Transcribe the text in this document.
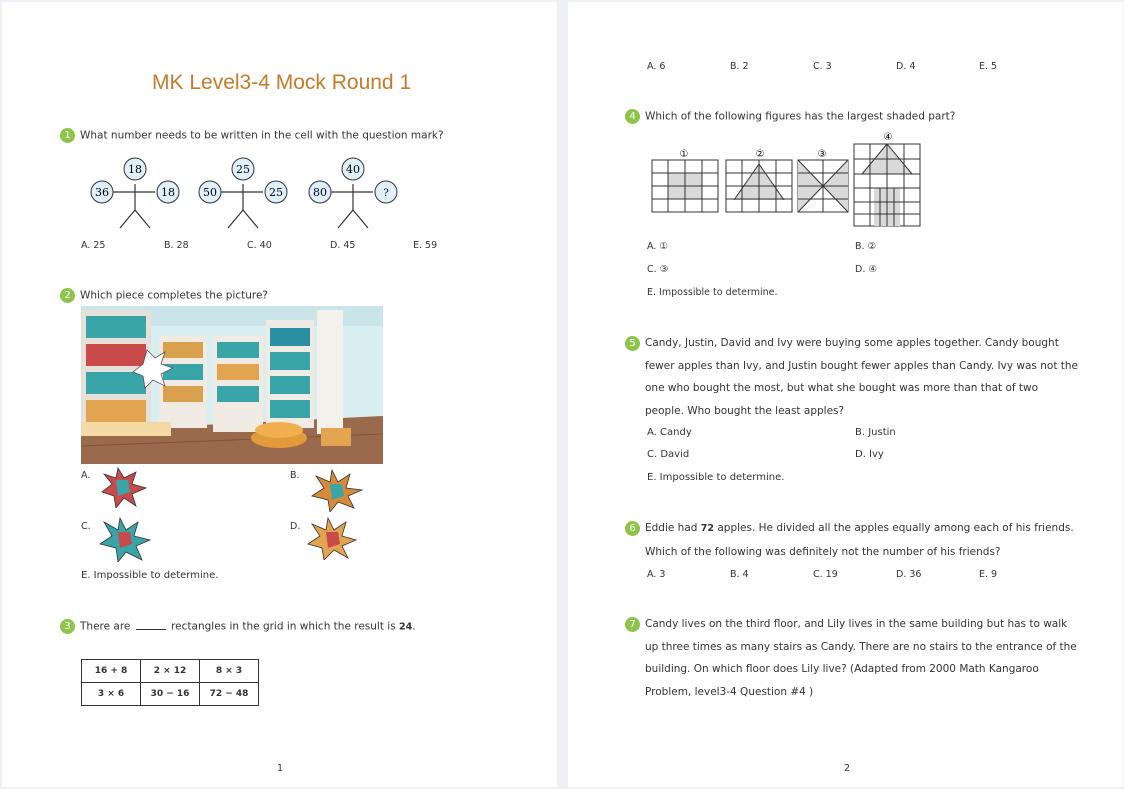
MK Level3-4 Mock Round 1
1 What number needs to be written in the cell with the question mark?
18
36	18
25
50	25
40
80	?
A. 25	B. 28	C. 40	D. 45	E. 59
2 Which piece completes the picture?
A.	B.
C.	D.
E. Impossible to determine.
3 There are	rectangles in the grid in which the result is 24.
16 + 8	2 × 12	8 × 3
3 × 6	30 − 16	72 − 48
1
A. 6	B. 2	C. 3	D. 4	E. 5
4 Which of the following figures has the largest shaded part?
①	②	③
④
A. ①	B. ②
C. ③	D. ④
E. Impossible to determine.
5 Candy, Justin, David and Ivy were buying some apples together. Candy bought
fewer apples than Ivy, and Justin bought fewer apples than Candy. Ivy was not the
one who bought the most, but what she bought was more than that of two
people. Who bought the least apples?
A. Candy	B. Justin
C. David	D. Ivy
E. Impossible to determine.
6 Eddie had 72 apples. He divided all the apples equally among each of his friends.
Which of the following was definitely not the number of his friends?
A. 3	B. 4	C. 19	D. 36	E. 9
7 Candy lives on the third floor, and Lily lives in the same building but has to walk
up three times as many stairs as Candy. There are no stairs to the entrance of the
building. On which floor does Lily live? (Adapted from 2000 Math Kangaroo
Problem, level3-4 Question #4 )
2
